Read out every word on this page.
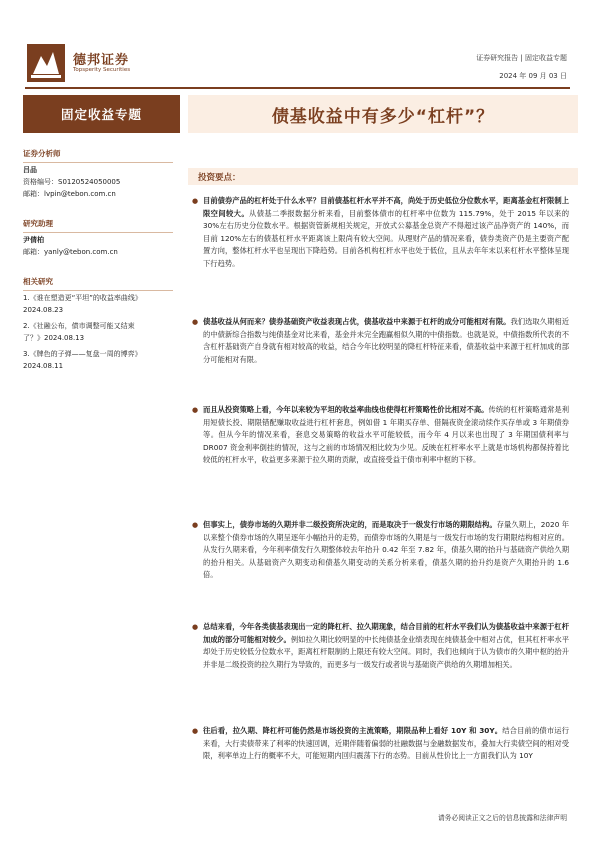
德邦证券
Topsperity Securities
证券研究报告 | 固定收益专题
2024 年 09 月 03 日
固定收益专题	债基收益中有多少“杠杆”？
证券分析师
吕品
资格编号：S0120524050005
邮箱：lvpin@tebon.com.cn
研究助理
尹倩柏
邮箱：yanly@tebon.com.cn
相关研究
1.《谁在塑造更“平坦”的收益率曲线》
2024.08.23
2.《社融公布，债市调整可能又结束
了？》2024.08.13
3.《牌色的子弹——复盘一周的博弈》
2024.08.11
投资要点：
● 目前债券产品的杠杆处于什么水平？目前债基杠杆水平并不高，尚处于历史低位分位数水平，距离基金杠杆限制上限空间较大。从债基二季报数据分析来看，目前整体债市的杠杆率中位数为 115.79%，处于 2015 年以来的 30%左右历史分位数水平。根据资管新规相关规定，开放式公募基金总资产不得超过该产品净资产的 140%，而目前 120%左右的债基杠杆水平距离该上限尚有较大空间。从理财产品的情况来看，债券类资产仍是主要资产配置方向，整体杠杆水平也呈现出下降趋势。目前各机构杠杆水平也处于低位，且从去年年末以来杠杆水平整体呈现下行趋势。

● 债基收益从何而来？债券基础资产收益表现占优，债基收益中来源于杠杆的成分可能相对有限。我们选取久期相近的中债新综合指数与纯债基金对比来看，基金并未完全跑赢相似久期的中债指数。也就是说，中债指数所代表的不含杠杆基础资产自身就有相对较高的收益，结合今年比较明显的降杠杆特征来看，债基收益中来源于杠杆加成的部分可能相对有限。

● 而且从投资策略上看，今年以来较为平坦的收益率曲线也使得杠杆策略性价比相对不高。传统的杠杆策略通常是利用短债长投、期限错配赚取收益进行杠杆套息，例如借 1 年期买存单、借隔夜资金滚动续作买存单或 3 年期债券等。但从今年的情况来看，套息交易策略的收益水平可能较低，而今年 4 月以来也出现了 3 年期国债利率与 DR007 资金利率倒挂的情况，这与之前的市场情况相比较为少见。反映在杠杆率水平上就是市场机构都保持着比较低的杠杆水平，收益更多来源于拉久期的贡献，或直接受益于债市利率中枢的下移。

● 但事实上，债券市场的久期并非二级投资所决定的，而是取决于一级发行市场的期限结构。存量久期上，2020 年以来整个债券市场的久期呈逐年小幅抬升的走势，而债券市场的久期是与一级发行市场的发行期限结构相对应的。从发行久期来看，今年利率债发行久期整体较去年抬升 0.42 年至 7.82 年，债基久期的抬升与基础资产供给久期的抬升相关。从基础资产久期变动和债基久期变动的关系分析来看，债基久期的抬升约是资产久期抬升的 1.6 倍。

● 总结来看，今年各类债基表现出一定的降杠杆、拉久期现象，结合目前的杠杆水平我们认为债基收益中来源于杠杆加成的部分可能相对较少。例如拉久期比较明显的中长纯债基金业绩表现在纯债基金中相对占优，但其杠杆率水平却处于历史较低分位数水平，距离杠杆限制的上限还有较大空间。同时，我们也倾向于认为债市的久期中枢的抬升并非是二级投资的拉久期行为导致的，而更多与一级发行或者说与基础资产供给的久期增加相关。

● 往后看，拉久期、降杠杆可能仍然是市场投资的主流策略，期限品种上看好 10Y 和 30Y。结合目前的债市运行来看，大行卖债带来了利率的快速回调，近期伴随着偏弱的社融数据与金融数据发布，叠加大行卖债空间的相对受限，利率单边上行的概率不大，可能短期内回归震荡下行的态势。目前从性价比上一方面我们认为 10Y

请务必阅读正文之后的信息披露和法律声明
